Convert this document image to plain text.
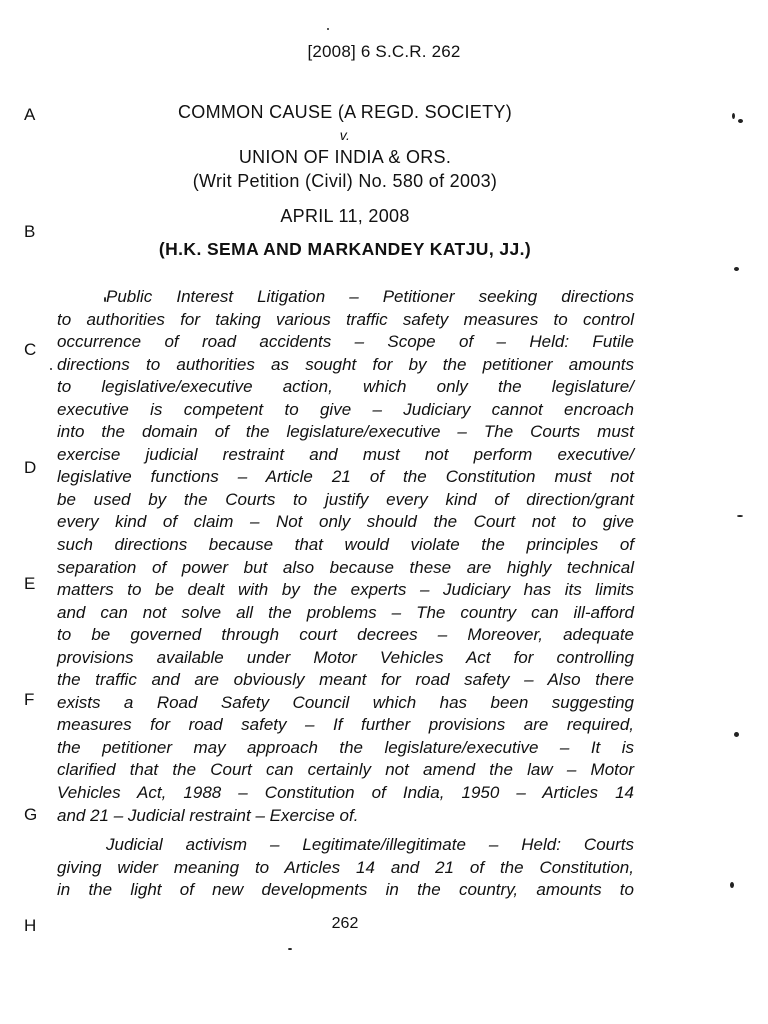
[2008] 6 S.C.R. 262
COMMON CAUSE (A REGD. SOCIETY)
v.
UNION OF INDIA & ORS.
(Writ Petition (Civil) No. 580 of 2003)
APRIL 11, 2008
(H.K. SEMA AND MARKANDEY KATJU, JJ.)
A
B
C
D
E
F
G
H
Public Interest Litigation – Petitioner seeking directions
to authorities for taking various traffic safety measures to control
occurrence of road accidents – Scope of – Held: Futile
directions to authorities as sought for by the petitioner amounts
to legislative/executive action, which only the legislature/
executive is competent to give – Judiciary cannot encroach
into the domain of the legislature/executive – The Courts must
exercise judicial restraint and must not perform executive/
legislative functions – Article 21 of the Constitution must not
be used by the Courts to justify every kind of direction/grant
every kind of claim – Not only should the Court not to give
such directions because that would violate the principles of
separation of power but also because these are highly technical
matters to be dealt with by the experts – Judiciary has its limits
and can not solve all the problems – The country can ill-afford
to be governed through court decrees – Moreover, adequate
provisions available under Motor Vehicles Act for controlling
the traffic and are obviously meant for road safety – Also there
exists a Road Safety Council which has been suggesting
measures for road safety – If further provisions are required,
the petitioner may approach the legislature/executive – It is
clarified that the Court can certainly not amend the law – Motor
Vehicles Act, 1988 – Constitution of India, 1950 – Articles 14
and 21 – Judicial restraint – Exercise of.
Judicial activism – Legitimate/illegitimate – Held: Courts
giving wider meaning to Articles 14 and 21 of the Constitution,
in the light of new developments in the country, amounts to
262
